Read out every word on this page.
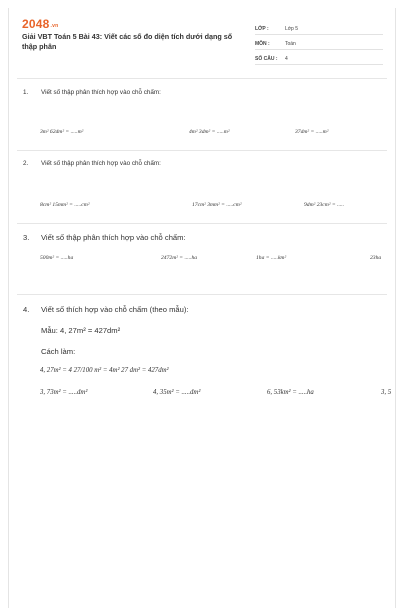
2048.vn
Giải VBT Toán 5 Bài 43: Viết các số đo diện tích dưới dạng số thập phân
LỚP :	Lớp 5
MÔN :	Toán
SỐ CÂU : 4
1. Viết số thập phân thích hợp vào chỗ chấm:
3m² 62dm² = .....m²	4m² 3dm² = .....m²	37dm² = .....m²
2. Viết số thập phân thích hợp vào chỗ chấm:
8cm² 15mm² = .....cm²	17cm² 3mm² = .....cm²	9dm² 23cm² = .....
3. Viết số thập phân thích hợp vào chỗ chấm:
500m² = .....ha	2472m² = .....ha	1ha = .....km²	23ha
4. Viết số thích hợp vào chỗ chấm (theo mẫu):
Mẫu: 4, 27m² = 427dm²
Cách làm:
4, 27m² = 4 27/100 m² = 4m² 27 dm² = 427dm²
3, 73m² = .....dm²	4, 35m² = .....dm²	6, 53km² = .....ha	3, 5
